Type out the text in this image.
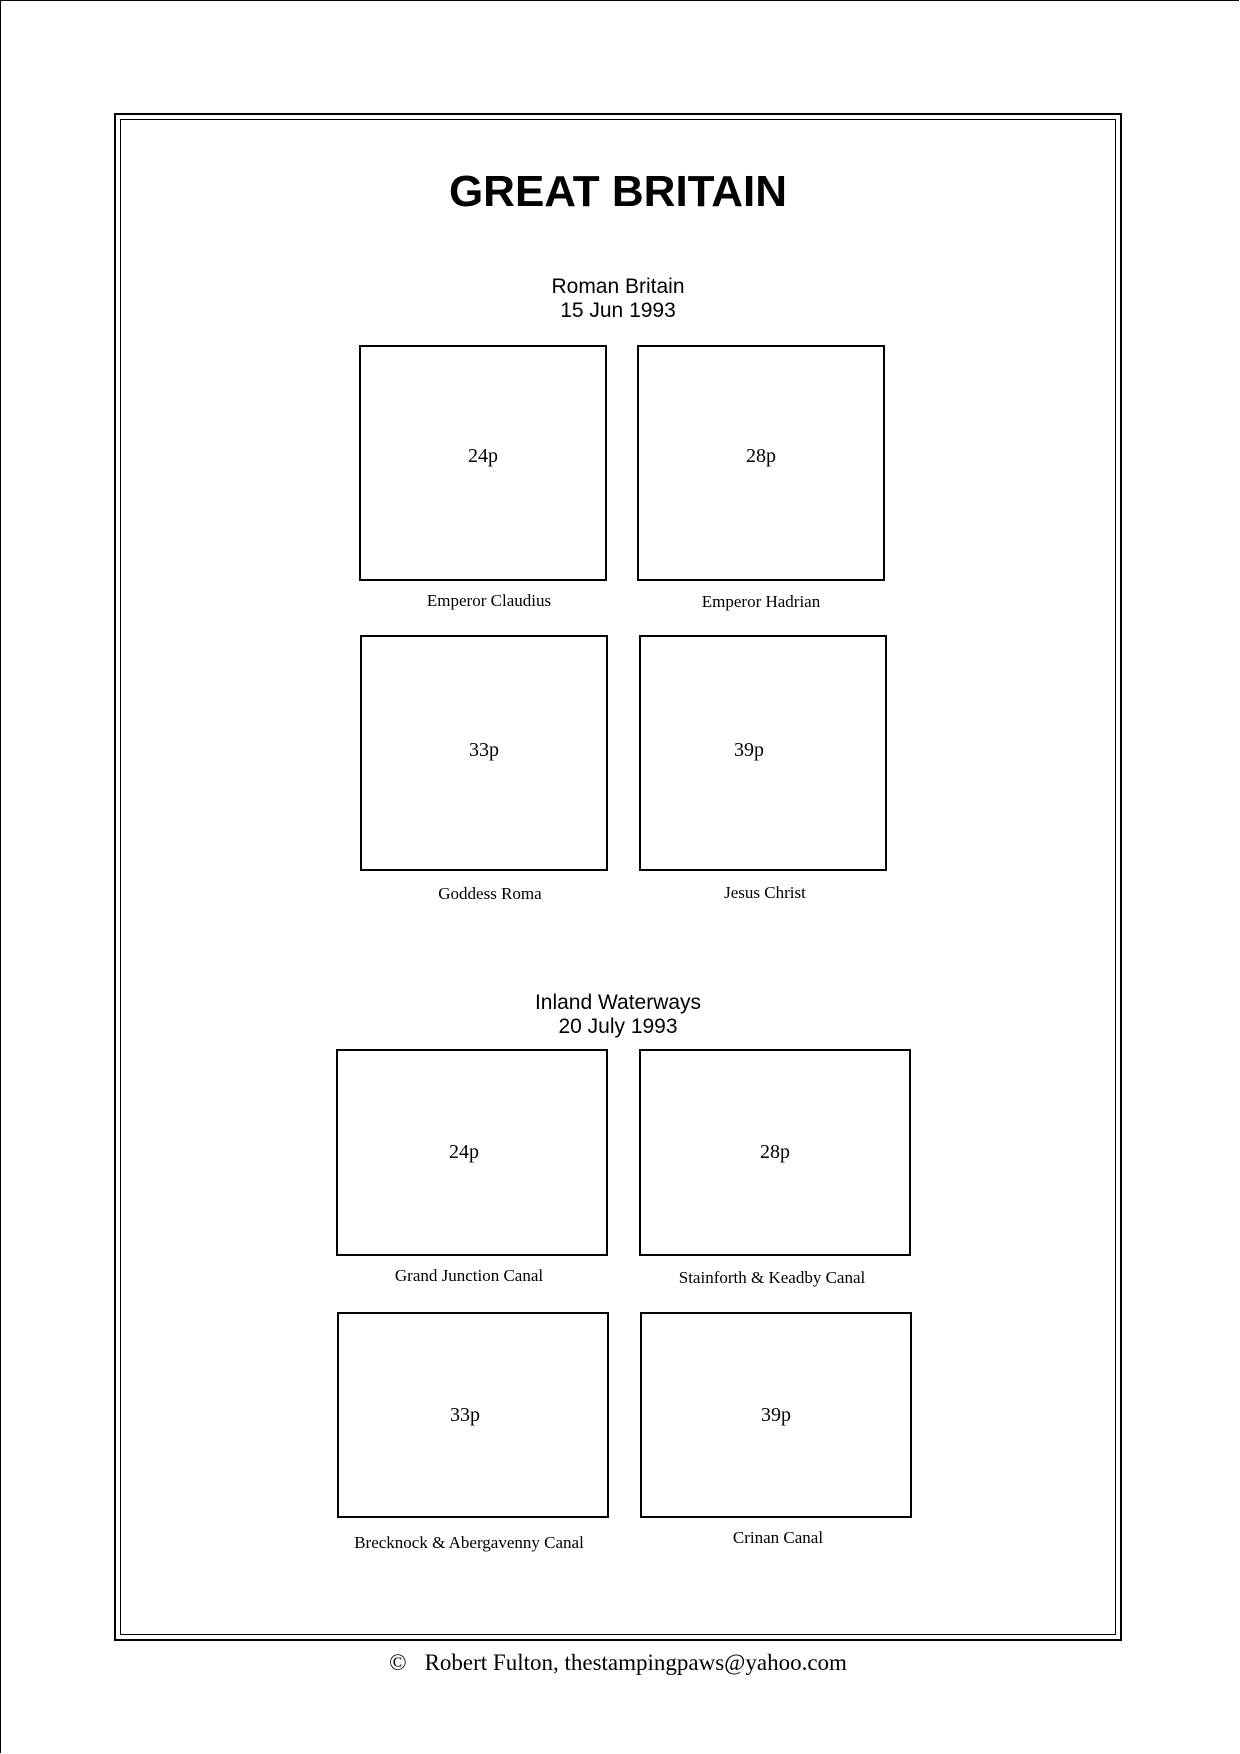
GREAT BRITAIN
Roman Britain
15 Jun 1993
24p
Emperor Claudius
28p
Emperor Hadrian
33p
Goddess Roma
39p
Jesus Christ
Inland Waterways
20 July 1993
24p
Grand Junction Canal
28p
Stainforth & Keadby Canal
33p
Brecknock & Abergavenny Canal
39p
Crinan Canal
© Robert Fulton, thestampingpaws@yahoo.com
